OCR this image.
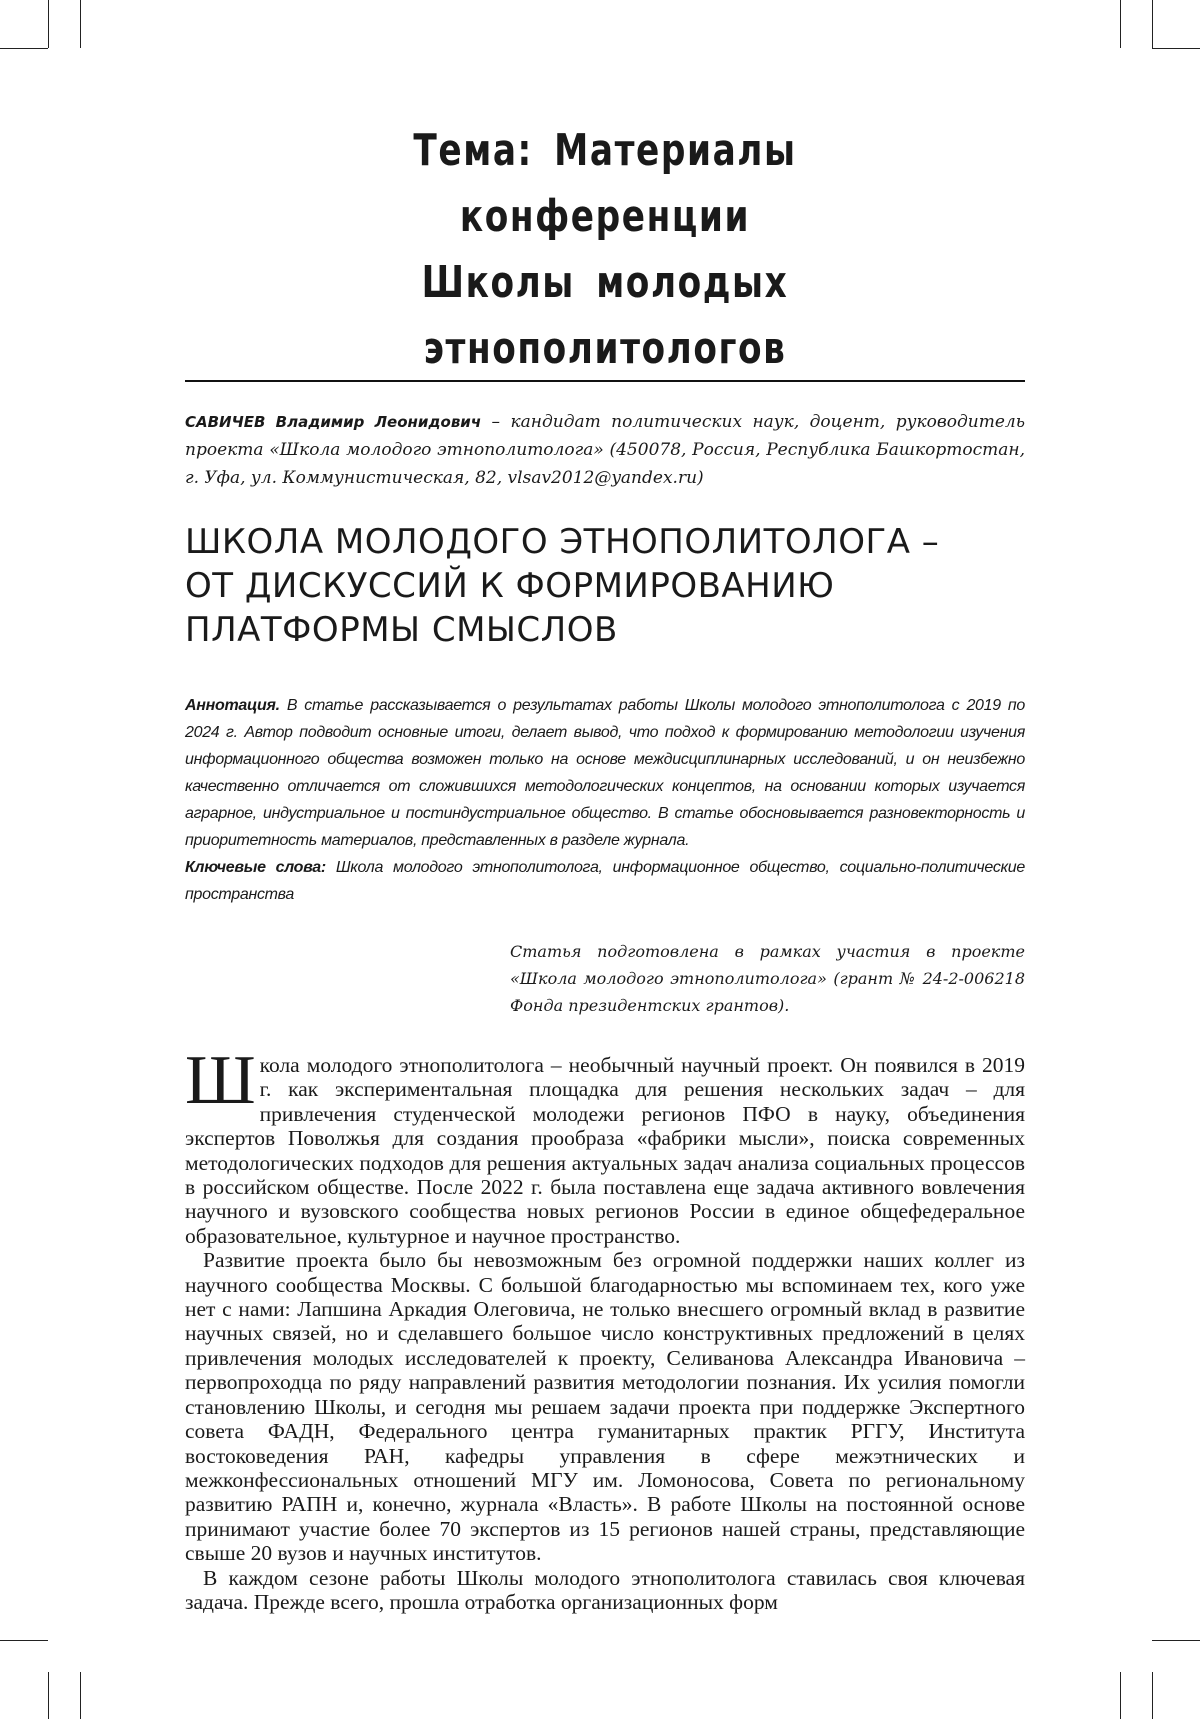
Тема: Материалы конференции
Школы молодых этнополитологов
САВИЧЕВ Владимир Леонидович – кандидат политических наук, доцент, руководитель проекта «Школа молодого этнополитолога» (450078, Россия, Республика Башкортостан, г. Уфа, ул. Коммунистическая, 82, vlsav2012@yandex.ru)
ШКОЛА МОЛОДОГО ЭТНОПОЛИТОЛОГА –
ОТ ДИСКУССИЙ К ФОРМИРОВАНИЮ
ПЛАТФОРМЫ СМЫСЛОВ
Аннотация. В статье рассказывается о результатах работы Школы молодого этнополитолога с 2019 по 2024 г. Автор подводит основные итоги, делает вывод, что подход к формированию методологии изучения информационного общества возможен только на основе междисциплинарных исследований, и он неизбежно качественно отличается от сложившихся методологических концептов, на основании которых изучается аграрное, индустриальное и постиндустриальное общество. В статье обосновывается разновекторность и приоритетность материалов, представленных в разделе журнала.
Ключевые слова: Школа молодого этнополитолога, информационное общество, социально-политические пространства
Статья подготовлена в рамках участия в проекте «Школа молодого этнополитолога» (грант № 24-2-006218 Фонда президентских грантов).

Ш кола молодого этнополитолога – необычный научный проект. Он появился в 2019 г. как экспериментальная площадка для решения нескольких задач – для привлечения студенческой молодежи регионов ПФО в науку, объединения экспертов Поволжья для создания прообраза «фабрики мысли», поиска современных методологических подходов для решения актуальных задач анализа социальных процессов в российском обществе. После 2022 г. была поставлена еще задача активного вовлечения научного и вузовского сообщества новых регионов России в единое общефедеральное образовательное, культурное и научное пространство.

Развитие проекта было бы невозможным без огромной поддержки наших коллег из научного сообщества Москвы. С большой благодарностью мы вспоминаем тех, кого уже нет с нами: Лапшина Аркадия Олеговича, не только внесшего огромный вклад в развитие научных связей, но и сделавшего большое число конструктивных предложений в целях привлечения молодых исследователей к проекту, Селиванова Александра Ивановича – первопроходца по ряду направлений развития методологии познания. Их усилия помогли становлению Школы, и сегодня мы решаем задачи проекта при поддержке Экспертного совета ФАДН, Федерального центра гуманитарных практик РГГУ, Института востоковедения РАН, кафедры управления в сфере межэтнических и межконфессиональных отношений МГУ им. Ломоносова, Совета по региональному развитию РАПН и, конечно, журнала «Власть». В работе Школы на постоянной основе принимают участие более 70 экспертов из 15 регионов нашей страны, представляющие свыше 20 вузов и научных институтов.

В каждом сезоне работы Школы молодого этнополитолога ставилась своя ключевая задача. Прежде всего, прошла отработка организационных форм
